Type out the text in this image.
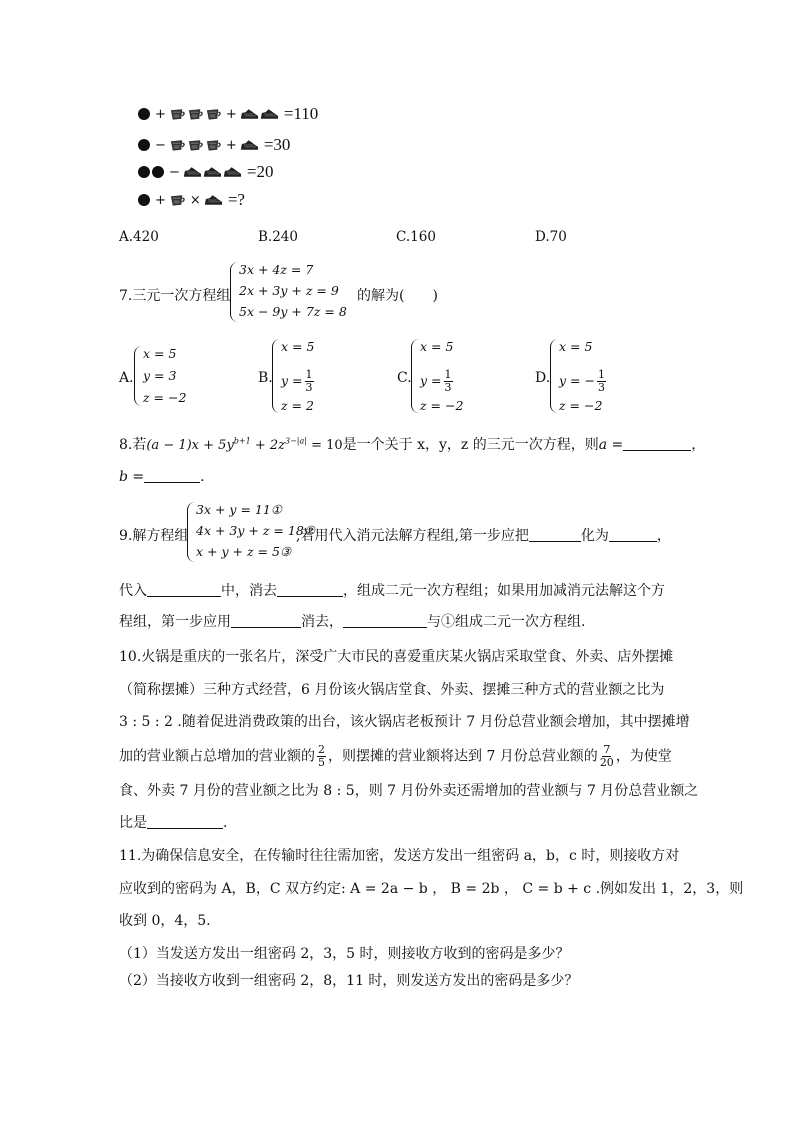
+	+	=110
−	+ =30
−	=20
+ × =?
A.420	B.240	C.160	D.70
7.三元一次方程组
3x + 4z = 7
2x + 3y + z = 9
5x − 9y + 7z = 8
的解为(　　)
A.
x = 5
y = 3
z = −2
B.
x = 5
$y = \frac{1}{3}$
z = 2
C.
x = 5
$y = \frac{1}{3}$
z = −2
D.
x = 5
y = − $\frac{1}{3}$
z = −2
8.若$(a - 1)x + 5y^{b+1} + 2z^{3-|a|} = 10$是一个关于 x，y，z 的三元一次方程，则a =	，
b =	.
9.解方程组
3x + y = 11①
4x + 3y + z = 18②
x + y + z = 5③
,若用代入消元法解方程组,第一步应把	化为	，
代入	中，消去	，组成二元一次方程组；如果用加减消元法解这个方
程组，第一步应用	消去，	与①组成二元一次方程组.
10.火锅是重庆的一张名片，深受广大市民的喜爱重庆某火锅店采取堂食、外卖、店外摆摊
（简称摆摊）三种方式经营，6 月份该火锅店堂食、外卖、摆摊三种方式的营业额之比为
3 : 5 : 2 .随着促进消费政策的出台，该火锅店老板预计 7 月份总营业额会增加，其中摆摊增
加的营业额占总增加的营业额的 $\frac{2}{5}$ ，则摆摊的营业额将达到 7 月份总营业额的 $\frac{7}{20}$ ，为使堂
食、外卖 7 月份的营业额之比为 8 : 5，则 7 月份外卖还需增加的营业额与 7 月份总营业额之
比是	.
11.为确保信息安全，在传输时往往需加密，发送方发出一组密码 a，b，c 时，则接收方对
应收到的密码为 A，B，C 双方约定: A = 2a − b ， B = 2b ， C = b + c .例如发出 1，2，3，则
收到 0，4，5.
（1）当发送方发出一组密码 2，3，5 时，则接收方收到的密码是多少？
（2）当接收方收到一组密码 2，8，11 时，则发送方发出的密码是多少？
